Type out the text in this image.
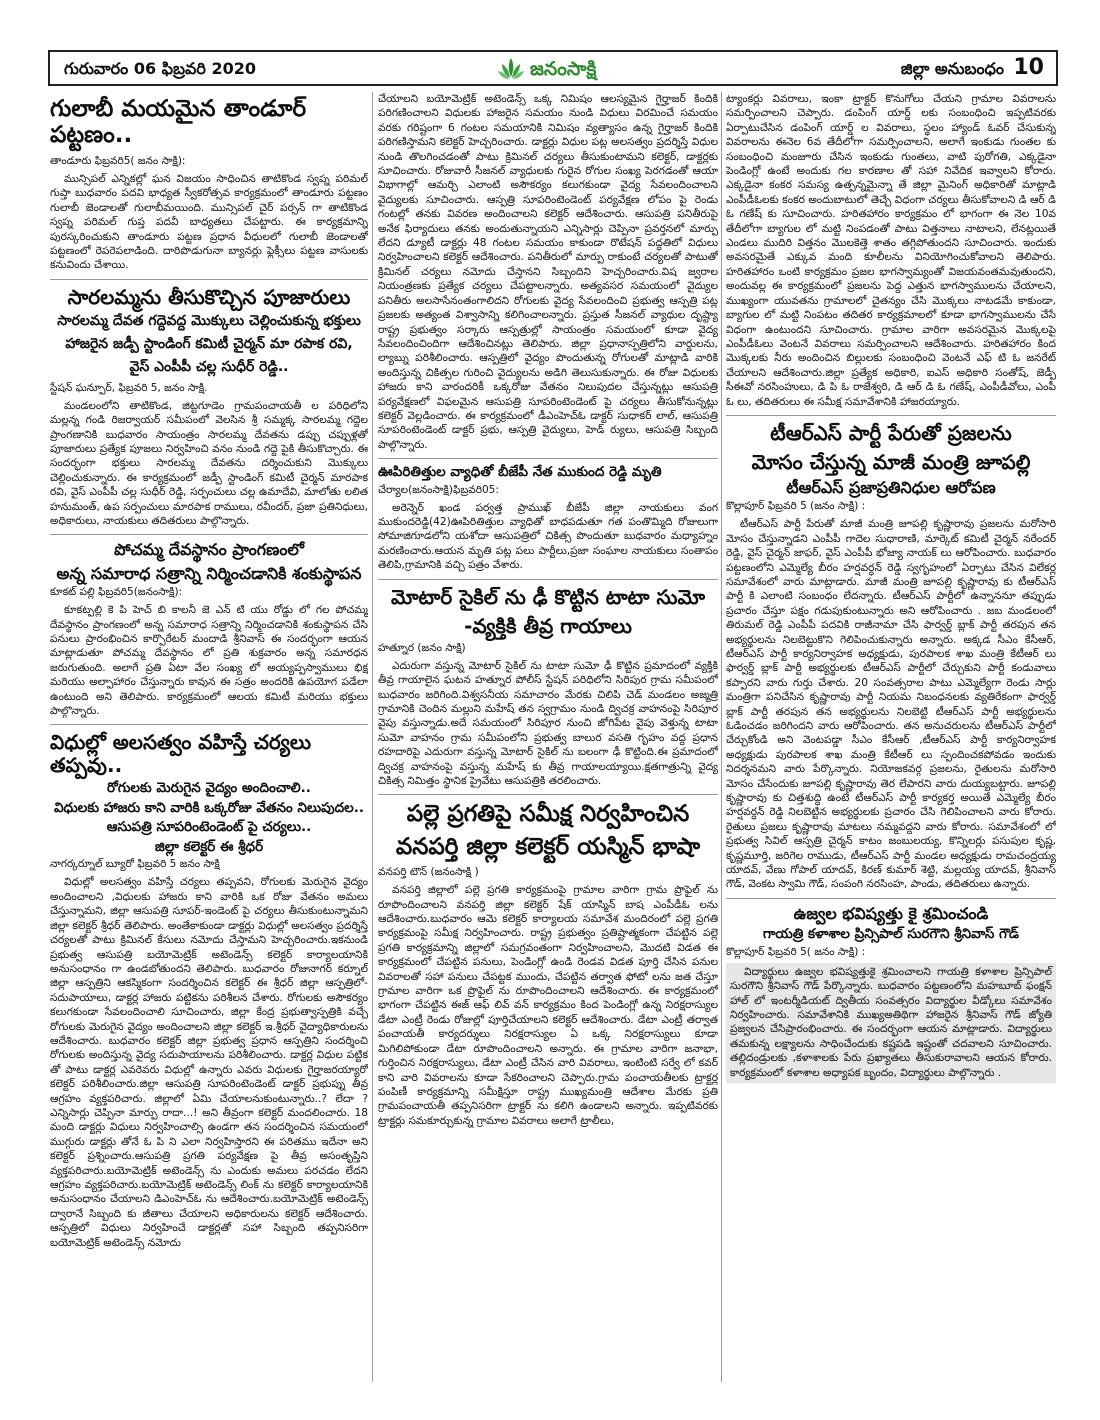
గురువారం 06 ఫిబ్రవరి 2020	జనంసాక్షి	జిల్లా అనుబంధం 10
గులాబీ మయమైన తాండూర్ పట్టణం..
తాండూరు ఫిబ్రవరి5( జనం సాక్షి):

మున్సిపల్ ఎన్నికల్లో ఘన విజయం సాధించిన తాటికొండ స్వప్న పరిమల్ గుప్తా బుధవారం పదవి భాధ్యత స్వీకరోత్సవ కార్యక్రమంలో తాండూరు పట్టణం గులాబీ జెండాలతో గులాబీమయింది. మున్సిపల్ చైర్ పర్సన్ గా తాటికొండ స్వప్న పరిమల్ గుప్త పదవీ బాధ్యతలు చేపట్టారు. ఈ కార్యక్రమాన్ని పురస్కరించుకుని తాండూరు పట్టణ ప్రధాన వీధులలో గులాబీ జెండాలతో పట్టణంలో రెపరెపలాడింది. దారిపొడుగునా బ్యానర్లు ఫ్లెక్సీలు పట్టణ వాసులకు కనువిందు చేశాయి.

సారలమ్మను తీసుకొచ్చిన పూజారులు
సారలమ్మ దేవత గద్దెవద్ద మొక్కులు చెల్లించుకున్న భక్తులు
హాజరైన జడ్పీ స్టాండింగ్ కమిటీ చైర్మన్ మా రపాక రవి,
వైస్ ఎంపీపీ చల్ల సుధీర్ రెడ్డి..
స్టేషన్ ఘన్పూర్, ఫిబ్రవరి 5, జనం సాక్షి.

మండలంలోని తాటికొండ, జిట్టగూడెం గ్రామపంచాయతీ ల పరిధిలోని మల్లన్న గండి రిజర్వాయర్ సమీపంలో వెలసిన శ్రీ సమ్మక్క సారలమ్మ గద్దెల ప్రాంగణానికి బుధవారం సాయంత్రం సారలమ్మ దేవతను డప్పు చప్పుళ్లతో పూజారులు ప్రత్యేక పూజలు నిర్వహించి వనం నుండి గద్దె పైకి తీసుకొచ్చారు. ఈ సందర్భంగా భక్తులు సారలమ్మ దేవతను దర్శించుకుని మొక్కులు చెల్లించుకున్నారు. ఈ కార్యక్రమంలో జడ్పీ స్టాండింగ్ కమిటీ చైర్మన్ మారపాక రవి, వైస్ ఎంపీపీ చల్ల సుధీర్ రెడ్డి, సర్పంచులు చల్ల ఉమాదేవి, మాలోతు లలిత హనుమంత్, ఉప సర్పంచులు మారపాక రాములు, రవీందర్, ప్రజా ప్రతినిధులు, అధికారులు, నాయకులు తదితరులు పాల్గొన్నారు.

పోచమ్మ దేవస్థానం ప్రాంగణంలో
అన్న సమారాధ సత్రాన్ని నిర్మించడానికి శంకుస్థాపన
కూకట్ పల్లి ఫిబ్రవరి5(జనంసాక్షి):

కూకట్పల్లి కె పి హెచ్ బి కాలనీ జె ఎన్ టి యు రోడ్డు లో గల పోచమ్మ దేవస్థానం ప్రాంగణంలో అన్న సమారాధ సత్రాన్ని నిర్మించడానికి శంకుస్థాపన చేసి పనులు ప్రారంభించిన కార్పొరేటర్ మందాడి శ్రీనివాస్ ఈ సందర్భంగా ఆయన మాట్లాడుతూ పోచమ్మ దేవస్థానం లో ప్రతి శుక్రవారం అన్న సమారధన జరుగుతుంది. అలాగే ప్రతి ఏటా వేల సంఖ్య లో అయ్యప్పస్వాములు భిక్ష మరియు అల్పాహారం చేస్తున్నారు కావున ఈ సత్రం అందరికి ఉపయోగ పడేలా ఉంటుంది అని తెలిపారు. కార్యక్రమంలో ఆలయ కమిటీ మరియు భక్తులు పాల్గొన్నారు.

విధుల్లో అలసత్వం వహిస్తే చర్యలు తప్పవు..
రోగులకు మెరుగైన వైద్యం అందించాలి..
విధులకు హాజరు కాని వారికి ఒక్కరోజు వేతనం నిలుపుదల..
ఆసుపత్రి సూపరింటెండెంట్ పై చర్యలు..
జిల్లా కలెక్టర్ ఈ శ్రీధర్
నాగర్కర్నూల్ బ్యూరో ఫిబ్రవరి 5 జనం సాక్షి

విధుల్లో అలసత్వం వహిస్తే చర్యలు తప్పవని, రోగులకు మెరుగైన వైద్యం అందించాలని ,విధులకు హాజరు కాని వారికి ఒక రోజు వేతనం అమలు చేస్తున్నామని, జిల్లా ఆసుపత్రి సూపర్-ఇండెంట్ పై చర్యలు తీసుకుంటున్నామని జిల్లా కలెక్టర్ శ్రీధర్ తెలిపారు. అంతేకాకుండా డాక్టర్లు విధుల్లో అలసత్వం ప్రదర్శిస్తే చర్యలతో పాటు క్రిమినల్ కేసులు నమోదు చేస్తామని హెచ్చరించారు.ఇకనుండి ప్రభుత్వ ఆసుపత్రి బయోమెట్రిక్ అటెండెన్స్ కలెక్టర్ కార్యాలయానికి అనుసంధానం గా ఉండబోతుందని తెలిపారు. బుధవారం రోజునాగర్ కర్నూల్ జిల్లా ఆస్పత్రిని ఆకస్మికంగా సందర్శించిన కలెక్టర్ ఈ శ్రీధర్ జిల్లా ఆస్పత్రిలో- సదుపాయాలు, డాక్టర్ల హాజరు పట్టికను పరిశీలన చేశారు. రోగులకు అసౌకర్యం కలుగకుండా సేవలందించాలి సూచించారు, జిల్లా కేంద్ర ప్రభుత్వాస్పత్రికి వచ్చే రోగులకు మెరుగైన వైద్యం అందించాలని జిల్లా కలెక్టర్ ఇ.శ్రీధర్ వైద్యాధికారులను ఆదేశించారు. బుధవారం కలెక్టర్ జిల్లా ప్రభుత్వ ప్రధాన ఆస్పత్రిని సందర్శించి రోగులకు అందిస్తున్న వైద్య సదుపాయాలను పరిశీలించారు. డాక్టర్ల విధుల పట్టిక తో పాటు డాక్టర్ల ఎవరెవరు విధుల్లో ఉన్నారు ఎవరు విధులకు గైర్హాజరయ్యారో కలెక్టర్ పరిశీలించారు.జిల్లా ఆసుపత్రి సూపరింటెండెంట్ డాక్టర్ ప్రభుప్ను తీవ్ర ఆగ్రహం వ్యక్తపరిచారు. జిల్లాలో ఏమి చేయాలనుకుంటున్నారు..? లేదా ? ఎన్నిసార్లు చెప్పినా మార్పు రాదా...! అని తీవ్రంగా కలెక్టర్ మందలించారు. 18 మంది డాక్టర్లు విధులు నిర్వహించాల్సి ఉండగా తన సందర్శించిన సమయంలో ముగ్గురు డాక్టర్లు తోనే ఓ పి ని ఎలా నిర్వహిస్తారని ఈ పరితము ఇదేనా అని కలెక్టర్ ప్రశ్నించారు.ఆసుపత్రి ప్రగతి పర్యవేక్షణ పై తీవ్ర అసంతృప్తిని వ్యక్తపరిచారు.బయోమెట్రిక్ అటెండెన్స్ ను ఎందుకు అమలు పరచడం లేదని ఆగ్రహం వ్యక్తపరిచారు.బయోమెట్రిక్ అటెండెన్స్ లింక్ ను కలెక్టర్ కార్యాలయానికి అనుసంధానం చేయాలని డిఎంహెచ్ఓ ను ఆదేశించారు.బయోమెట్రిక్ అటెండెన్స్ ద్వారానే సిబ్బంది కు జీతాలు చేయాలని అధికారులను కలెక్టర్ ఆదేశించారు. ఆస్పత్రిలో విధులు నిర్వహించే డాక్టర్లతో సహా సిబ్బంది తప్పనిసరిగా బయోమెట్రిక్ అటెండెన్స్ నమోదు

చేయాలని బయోమెట్రిక్ అటెండెన్స్ ఒక్క నిమిషం ఆలస్యమైన గైర్హాజర్ కిందికి పరిగణించాలని విధులకు హాజరైన సమయం నుండి విధులు విరమించే సమయం వరకు గరిష్టంగా 6 గంటల సమయానికి నిమిషం వ్యత్యాసం ఉన్న గైర్హాజర్ కిందికి పరిగణిస్తామని కలెక్టర్ హెచ్చరించారు. డాక్టర్లు విధుల పట్ల అలసత్వం ప్రదర్శిస్తే విధుల నుండి తొలగించడంతో పాటు క్రిమినల్ చర్యలు తీసుకుంటామని కలెక్టర్, డాక్టర్లకు సూచించారు. రోజువారీ సీజనల్ వ్యాధులకు గురైన రోగుల సంఖ్య పెరగడంతో ఆయా విభాగాల్లో ఆమర్చి ఎలాంటి అసౌకర్యం కలుగకుండా వైద్య సేవలందించాలని వైద్యులకు సూచించారు. ఆస్పత్రి సూపరింటెండెంట్ పర్యవేక్షణ లోపం పై రెండు గంటల్లో తనకు వివరణ అందించాలని కలెక్టర్ ఆదేశించారు. ఆసుపత్రి పనితీరుపై అనేక ఫిర్యాదులు తనకు అందుతున్నాయని ఎన్నిసార్లు చెప్పినా ప్రవర్తనలో మార్పు లేదని డ్యూటీ డాక్టర్లు 48 గంటల సమయం కాకుండా రొటేషన్ పద్ధతిలో విధులు నిర్వహించాలని కలెక్టర్ ఆదేశించారు. పనితీరులో మార్పు రాకుంటే చర్యలతో పాటుతో క్రిమినల్ చర్యలు నమోదు చేస్తానని సిబ్బందిని హెచ్చరించారు.విష జ్వరాల నియంత్రణకు ప్రత్యేక చర్యలు చేపట్టాలన్నారు. అత్యవసర సమయంలో వైద్యుల పనితీరు అలసాసేనంతంగాలిదని రోగులకు వైద్య సేవలందించి ప్రభుత్వ ఆస్పత్రి పట్ల ప్రజలకు అత్యంత విశ్వాసాన్ని కలిగించాలన్నారు. ప్రస్తుత సీజనల్ వ్యాధుల దృష్ట్యా రాష్ట్ర ప్రభుత్వం సర్కారు ఆస్పత్రుల్లో సాయంత్రం సమయంలో కూడా వైద్య సేవలందించిందిగా ఆదేశించినట్లు తెలిపారు. జిల్లా ప్రధానాస్పత్రిలోని వార్డులను, ల్యాబ్ను పరిశీలించారు. ఆస్పత్రిలో వైద్యం పొందుతున్న రోగులతో మాట్లాడి వారికి అందిస్తున్న చికిత్సల గురించి వైద్యులను అడిగి తెలుసుకున్నారు. ఈ రోజు విధులకు హాజరు కాని వారందరికీ ఒక్కరోజు వేతనం నిలుపుదల చేస్తున్నట్లు ఆసుపత్రి పర్యవేక్షణలో విఫలమైన ఆసుపత్రి సూపరింటెండెంట్ పై చర్యలు తీసుకోనున్నట్లు కలెక్టర్ వెల్లడించారు. ఈ కార్యక్రమంలో డీఎంహెచ్ఓ డాక్టర్ సుధాకర్ లాల్, ఆసుపత్రి సూపరింటెండెంట్ డాక్టర్ ప్రభు, ఆస్పత్రి వైద్యులు, హెడ్ ర్యులు, ఆసుపత్రి సిబ్బంది పాల్గొన్నారు.

ఊపిరితిత్తుల వ్యాధితో బీజేపీ నేత ముకుంద రెడ్డి మృతి
చేర్యాల(జనంసాక్షి)ఫిబ్రవరి05:

అరెన్నెర్ ఖండ పర్వత్త ప్రాముఖ్ బీజేపీ జిల్లా నాయకులు వంగ ముకుందరెడ్డి(42)ఊపిరితిత్తుల వ్యాధితో బాధపడుతూ గత పంతొమ్మిది రోజులుగా సోమాజిగూడలోని యశోదా ఆసుపత్రిలో చికిత్స పొందుతూ బుధవారం మధ్యాహ్నం మరణించారు.ఆయన మృతి పట్ల పలు పార్టీలు,ప్రజా సంఘాల నాయకులు సంతాపం తెలిపి,గ్రామానికి వచ్చి పత్రం వేశారు.

మోటార్ సైకిల్ ను ఢీ కొట్టిన టాటా సుమో
-వ్యక్తికి తీవ్ర గాయాలు
హత్నూర (జనం సాక్షి)

ఎదురుగా వస్తున్న మోటార్ సైకిల్ ను టాటా సుమో ఢీ కొట్టిన ప్రమాదంలో వ్యక్తికి తీవ్ర గాయాలైన ఘటన హత్నూర పోలీస్ స్టేషన్ పరిధిలోని సిరిపుర గ్రామ సమీపంలో బుధవారం జరిగింది.విశ్వసనీయ సమాచారం మేరకు చిలిపి చెడ్ మండలం అజ్మత్రి గ్రామానికి చెందిన మల్లుని మహేష్ తన స్వగ్రామం నుండి ద్విచక్ర వాహనంపై సిరిపూర వైపు వస్తున్నాడు.అదే సమయంలో సిరిపూర నుంచి జోగిపేట వైపు వెళ్తున్న టాటా సుమో వాహనం గ్రామ సమీపంలోని ప్రభుత్వ బాలుర వసతి గృహం వద్ద ప్రధాన రహదారిపై ఎదురుగా వస్తున్న మోటార్ సైకిల్ ను బలంగా ఢీ కొట్టింది.ఈ ప్రమాదంలో ద్విచక్ర వాహనంపై వస్తున్న మహేష్ కు తీవ్ర గాయాలయ్యాయి.క్షతగాత్రున్ని వైద్య చికిత్స నిమిత్తం స్థానిక ప్రైవేటు ఆసుపత్రికి తరలించారు.

పల్లె ప్రగతిపై సమీక్ష నిర్వహించిన
వనపర్తి జిల్లా కలెక్టర్ యస్మిన్ భాషా
వనపర్తి టౌన్ (జనంసాక్షి )

వనపర్తి జిల్లాలో పల్లె ప్రగతి కార్యక్రమంపై గ్రామాల వారిగా గ్రామ ప్రొఫైల్ ను రూపొందించాలని వనపర్తి జిల్లా కలెక్టర్ షేక్ యాస్మిన్ బాష ఎంపీడీఓ లను ఆదేశించారు.బుధవారం ఆమె కలెక్టర్ కార్యాలయ సమావేశ మందిరంలో పల్లె ప్రగతి కార్యక్రమంపై సమీక్ష నిర్వహించారు. రాష్ట్ర ప్రభుత్వం ప్రతిష్టాత్మకంగా చేపట్టిన పల్లె ప్రగతి కార్యక్రమాన్ని జిల్లాలో సమగ్రవంతంగా నిర్వహించాలని, మొదటి విడత ఈ కార్యక్రమంలో చేపట్టిన పనులు, పెండింగ్లో ఉండి రెండవ విడత పూర్తి చేసిన పనుల వివరాలతో సహా పనులు చేపట్టక ముందు, చేపట్టిన తర్వాత ఫోటో లను జత చేస్తూ గ్రామాల వారిగా ఒక ప్రొఫైల్ ను రూపొందించాలని ఆదేశించారు. ఈ కార్యక్రమంలో భాగంగా చేపట్టిన ఈజ్ ఆఫ్ లివ్ వన్ కార్యక్రమం కింద పెండింగ్లో ఉన్న నిరక్షరాస్యుల డేటా ఎంట్రీ రెండు రోజుల్లో పూర్తిచేయాలని కలెక్టర్ ఆదేశించారు. డేటా ఎంట్రీ తర్వాత పంచాయతీ కార్యదర్శులు నిరక్షరాస్యుల ఏ ఒక్క నిరక్షరాస్యులు కూడా మిగిలిపోకుండా డేటా రూపొందించాలని అన్నారు. ఈ గ్రామాల వారిగా జనాభా, గుర్తించిన నిరక్షరాస్యులు, డేటా ఎంట్రీ చేసిన వారి వివరాలు, ఇంటింటి సర్వే లో కవర్ కాని వారి వివరాలను కూడా సేకరించాలని చెప్పారు.గ్రామ పంచాయతీలకు ట్రాక్టర్ల పంపిణీ కార్యక్రమాన్ని సమీక్షిస్తూ రాష్ట్ర ముఖ్యమంత్రి ఆదేశాల మేరకు ప్రతి గ్రామపంచాయతీ తప్పనిసరిగా ట్రాక్టర్ ను కలిగి ఉండాలని అన్నారు. ఇప్పటివరకు ట్రాక్టర్లు సమకూర్చుకున్న గ్రామాల వివరాలు అలాగే ట్రాలీలు,

ట్యాంకర్లు వివరాలు, ఇంకా ట్రాక్టర్ కొనుగోలు చేయని గ్రామాల వివరాలను సమర్పించాలని చెప్పారు. డంపింగ్ యార్డ్ లకు సంబంధించి ఇప్పటివరకు ఏర్పాటుచేసిన డంపింగ్ యార్డ్ ల వివరాలు, స్థలం హ్యాండ్ ఓవర్ చేసుకున్న వివరాలను ఈనెల 6వ తేదీలోగా సమర్పించాలని, అలాగే ఇంకుడు గుంతల కు సంబంధించి మంజూరు చేసిన ఇంకుడు గుంతలు, వాటి పురోగతి, ఎక్కడైనా పెండింగ్లో ఉంటే అందుకు గల కారణాల తో సహా నివేదిక ఇవ్వాలని కోరారు. ఎక్కడైనా కంకర సమస్య ఉత్పన్నమైన్నా తే జిల్లా మైనింగ్ అధికారితో మాట్లాడి ఎంపీడీఓలకు కంకర అందుబాటులో తెచ్చే విధంగా చర్యలు తీసుకోవాలని డి ఆర్ డి ఓ గణేష్ కు సూచించారు. హరితహారం కార్యక్రమం లో భాగంగా ఈ నెల 10వ తేదీలోగా బ్యాగుల లో మట్టి నింపడంతో పాటు విత్తనాలు నాటాలని, లేనట్లయితే ఎండలు ముదిరి విత్తనం మొలకెత్తె శాతం తగ్గిపోతుందని సూచించారు. ఇందుకు అవసరమైతే ఎక్కువ మంది కూలీలను వినియోగించుకోవాలని తెలిపారు. హరితహారం ఒంటి కార్యక్రమం ప్రజల భాగస్వామ్యంతో విజయవంతమవుతుందని, అందువల్ల ఈ కార్యక్రమంలో ప్రజలను పెద్ద ఎత్తున భాగస్వాములను చేయాలని, ముఖ్యంగా యువతను గ్రామాలలో చైతన్యం చేసి మొక్కలు నాటడమే కాకుండా, బ్యాగుల లో మట్టి నింపటం తదితర కార్యక్రమాలలో కూడా భాగస్వాములను చేసే విధంగా ఉంటుందని సూచించారు. గ్రామాల వారిగా అవసరమైన మొక్కలపై ఎంపీడీఓలు వెంటనే వివరాలు సమర్పించాలని ఆదేశించారు. హరితహారం కింద మొక్కలకు నీరు అందించిన బిల్లులకు సంబంధించి వెంటనే ఎఫ్ టి ఓ జనరేట్ చేయాలని ఆదేశించారు.జిల్లా ప్రత్యేక అధికారి, ఐఎస్ అధికారి సంతోష్, జెడ్పీ సీఈవో నరసింహులు, డి పి ఓ రాజేశ్వరి, డి ఆర్ డి ఓ గణేష్, ఎంపీడీవోలు, ఎంపీ ఓ లు, తదితరులు ఈ సమీక్ష సమావేశానికి హాజరయ్యారు.

టీఆర్ఎస్ పార్టీ పేరుతో ప్రజలను
మోసం చేస్తున్న మాజీ మంత్రి జూపల్లి
టీఆర్ఎస్ ప్రజాప్రతినిధుల ఆరోపణ
కొల్లాపూర్ ఫిబ్రవరి 5 (జనం సాక్షి) :

టీఆర్ఎస్ పార్టీ పేరుతో మాజీ మంత్రి జూపల్లి కృష్ణారావు ప్రజలను మరోసారి మోసం చేస్తున్నాడని ఎంపీపీ గాదెల సుధారాణి, మార్కెట్ కమిటీ చైర్మన్ నరేందర్ రెడ్డి, వైస్ చైర్మన్ జాఫర్, వైస్ ఎంపీపీ భోజ్యా నాయక్ లు ఆరోపించారు. బుధవారం పట్టణంలోని ఎమ్మెల్యే బీరం హర్షవర్ధన్ రెడ్డి స్వగృహంలో ఏర్పాటు చేసిన విలేకర్ల సమావేశంలో వారు మాట్లాడారు. మాజీ మంత్రి జూపల్లి కృష్ణారావు కు టీఆర్ఎస్ పార్టీ కి ఎలాంటి సంబంధం లేదన్నారు. టీఆర్ఎస్ పార్టీలో ఉన్నాననూ తప్పుడు ప్రచారం చేస్తూ పక్షం గడుపుకుంటున్నారు అని ఆరోపించారు . జబ మండలంలో తిరుమల్ రెడ్డి ఎంపీపీ పదవికి రాజీనామా చేసి ఫార్వర్డ్ బ్లాక్ పార్టీ తరపున తన అభ్యర్థులను నిలబెట్టుకొని గెలిపించుకున్నారు అన్నారు. అక్కడ సీఎం కేసీఆర్, టీఆర్ఎస్ పార్టీ కార్యనిర్వాహక అధ్యక్షుడు, పురపాలక శాఖ మంత్రి కేటీఆర్ లు ఫార్వర్డ్ బ్లాక్ పార్టీ అభ్యర్థులకు టీఆర్ఎస్ పార్టీలో చేర్చుకుని పార్టీ కండువాలు కప్పారని వారు గుర్తు చేశారు. 20 సంవత్సరాల పాటు ఎమ్మెల్యేగా రెండు సార్లు మంత్రిగా పనిచేసిన కృష్ణారావు పార్టీ నియమ నిబంధనలకు వ్యతిరేకంగా ఫార్వర్డ్ బ్లాక్ పార్టీ తరపున తన అభ్యర్థులను నిలబెట్టి టీఆర్ఎస్ పార్టీ అభ్యర్థులను ఓడించడం జరిగిందని వారు ఆరోపించారు. తన అనుచరులను టీఆర్ఎస్ పార్టీలో చేర్చుకోండి అని వెంటపడ్డా సీఎం కేసీఆర్ ,టీఆర్ఎస్ పార్టీ కార్యనిర్వాహక అధ్యక్షుడు పురపాలక శాఖ మంత్రి కేటీఆర్ లు స్పందించకపోవడం ఇందుకు నిదర్శనమని వారు పేర్కొన్నారు. నియోజకవర్గ ప్రజలను, రైతులను మరోసారి మోసం చేసేందుకు జూపల్లి కృష్ణారావు తెర లేపారని వారు దుయ్యబట్టారు. జూపల్లి కృష్ణారావు కు చిత్తశుద్ధి ఉంటే టీఆర్ఎస్ పార్టీ కార్యకర్త అయితే ఎమ్మెల్యే బీరం హర్షవర్ధన్ రెడ్డి నిలబెట్టిన అభ్యర్థులకు ప్రచారం చేసి గెలిపించాలని వారు కోరారు. రైతులు ప్రజలు కృష్ణారావు మాటలు నమ్మవద్దని వారు కోరారు. సమావేశంలో లో ప్రభుత్వ సివిల్ ఆస్పత్రి చైర్మన్ కాటం జంబులయ్య, కొన్నిలర్లు పసుపుల కృష్ణ, కృష్ణమూర్తి, జరిగెల రాముడు, టీఆర్ఎస్ పార్టీ మండల అధ్యక్షుడు రామచంద్రయ్య యాదవ్, వేణు గోపాల్ యాదవ్, కిరణ్ కుమార్ శెట్టి, మల్లయ్య యాదవ్, శ్రీనివాస్ గౌడ్, వెంకట స్వామి గౌడ్, సంపంగి నరసింహ, పాండు, తదితరులు ఉన్నారు.

ఉజ్వల భవిష్యత్తు కై శ్రమించండి
గాయత్రి కళాశాల ప్రిన్సిపాల్ సురగౌని శ్రీనివాస్ గౌడ్
కొల్లాపూర్ ఫిబ్రవరి 5( జనం సాక్షి) :

విద్యార్థులు ఉజ్వల భవిష్యత్తుకై శ్రమించాలని గాయత్రి కళాశాల ప్రిన్సిపాల్ సురగౌని శ్రీనివాస్ గౌడ్ పేర్కొన్నారు. బుధవారం పట్టణంలోని మహబూబ్ ఫంక్షన్ హాల్ లో ఇంటర్మీడియట్ ద్వితీయ సంవత్సరం విద్యార్థుల వీడ్కోలు సమావేశం నిర్వహించారు. సమావేశానికి ముఖ్యఅతిథిగా హాజరైన శ్రీనివాస్ గౌడ్ జ్యోతి ప్రజ్వలన చేసిప్రారంభించారు. ఈ సందర్భంగా ఆయన మాట్లాడారు. విద్యార్థులు తమకున్న లక్ష్యాలను సాధించేందుకు కష్టపడి ఇష్టంతో చదవాలని సూచించారు. తల్లిదండ్రులకు ,కళాశాలకు పేరు ప్రఖ్యాతలు తీసుకురావాలని ఆయన కోరారు. కార్యక్రమంలో కళాశాల అధ్యాపక బృందం, విద్యార్థులు పాల్గొన్నారు .
